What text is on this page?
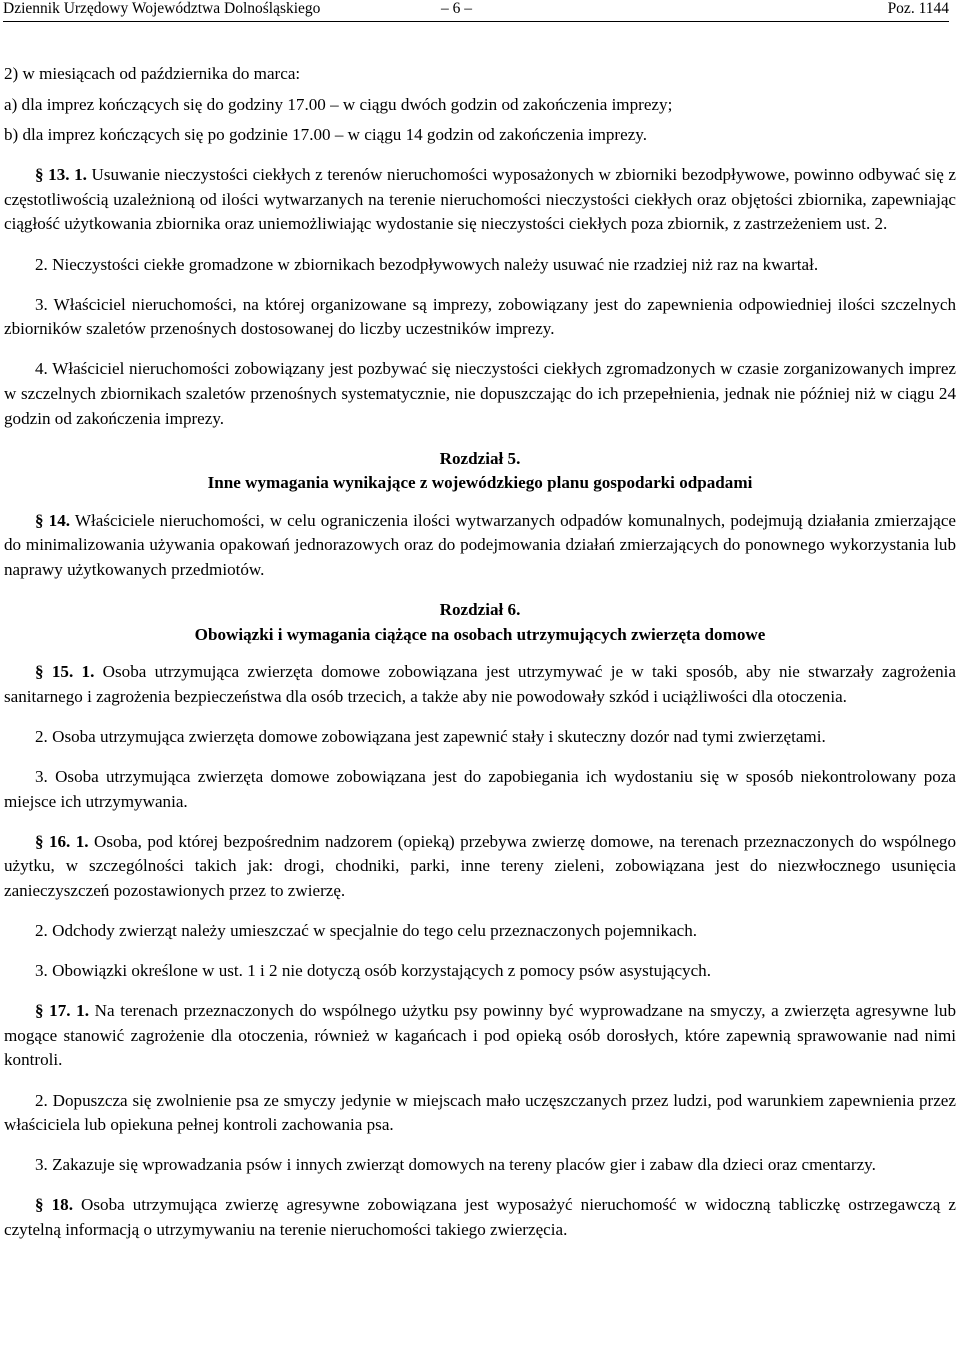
Dziennik Urzędowy Województwa Dolnośląskiego	– 6 –	Poz. 1144
2) w miesiącach od października do marca:
a) dla imprez kończących się do godziny 17.00 – w ciągu dwóch godzin od zakończenia imprezy;
b) dla imprez kończących się po godzinie 17.00 – w ciągu 14 godzin od zakończenia imprezy.

§ 13. 1. Usuwanie nieczystości ciekłych z terenów nieruchomości wyposażonych w zbiorniki bezodpływowe, powinno odbywać się z częstotliwością uzależnioną od ilości wytwarzanych na terenie nieruchomości nieczystości ciekłych oraz objętości zbiornika, zapewniając ciągłość użytkowania zbiornika oraz uniemożliwiając wydostanie się nieczystości ciekłych poza zbiornik, z zastrzeżeniem ust. 2.

2. Nieczystości ciekłe gromadzone w zbiornikach bezodpływowych należy usuwać nie rzadziej niż raz na kwartał.

3. Właściciel nieruchomości, na której organizowane są imprezy, zobowiązany jest do zapewnienia odpowiedniej ilości szczelnych zbiorników szaletów przenośnych dostosowanej do liczby uczestników imprezy.

4. Właściciel nieruchomości zobowiązany jest pozbywać się nieczystości ciekłych zgromadzonych w czasie zorganizowanych imprez w szczelnych zbiornikach szaletów przenośnych systematycznie, nie dopuszczając do ich przepełnienia, jednak nie później niż w ciągu 24 godzin od zakończenia imprezy.

Rozdział 5.

Inne wymagania wynikające z wojewódzkiego planu gospodarki odpadami

§ 14. Właściciele nieruchomości, w celu ograniczenia ilości wytwarzanych odpadów komunalnych, podejmują działania zmierzające do minimalizowania używania opakowań jednorazowych oraz do podejmowania działań zmierzających do ponownego wykorzystania lub naprawy użytkowanych przedmiotów.

Rozdział 6.

Obowiązki i wymagania ciążące na osobach utrzymujących zwierzęta domowe

§ 15. 1. Osoba utrzymująca zwierzęta domowe zobowiązana jest utrzymywać je w taki sposób, aby nie stwarzały zagrożenia sanitarnego i zagrożenia bezpieczeństwa dla osób trzecich, a także aby nie powodowały szkód i uciążliwości dla otoczenia.

2. Osoba utrzymująca zwierzęta domowe zobowiązana jest zapewnić stały i skuteczny dozór nad tymi zwierzętami.

3. Osoba utrzymująca zwierzęta domowe zobowiązana jest do zapobiegania ich wydostaniu się w sposób niekontrolowany poza miejsce ich utrzymywania.

§ 16. 1. Osoba, pod której bezpośrednim nadzorem (opieką) przebywa zwierzę domowe, na terenach przeznaczonych do wspólnego użytku, w szczególności takich jak: drogi, chodniki, parki, inne tereny zieleni, zobowiązana jest do niezwłocznego usunięcia zanieczyszczeń pozostawionych przez to zwierzę.

2. Odchody zwierząt należy umieszczać w specjalnie do tego celu przeznaczonych pojemnikach.

3. Obowiązki określone w ust. 1 i 2 nie dotyczą osób korzystających z pomocy psów asystujących.

§ 17. 1. Na terenach przeznaczonych do wspólnego użytku psy powinny być wyprowadzane na smyczy, a zwierzęta agresywne lub mogące stanowić zagrożenie dla otoczenia, również w kagańcach i pod opieką osób dorosłych, które zapewnią sprawowanie nad nimi kontroli.

2. Dopuszcza się zwolnienie psa ze smyczy jedynie w miejscach mało uczęszczanych przez ludzi, pod warunkiem zapewnienia przez właściciela lub opiekuna pełnej kontroli zachowania psa.

3. Zakazuje się wprowadzania psów i innych zwierząt domowych na tereny placów gier i zabaw dla dzieci oraz cmentarzy.

§ 18. Osoba utrzymująca zwierzę agresywne zobowiązana jest wyposażyć nieruchomość w widoczną tabliczkę ostrzegawczą z czytelną informacją o utrzymywaniu na terenie nieruchomości takiego zwierzęcia.
